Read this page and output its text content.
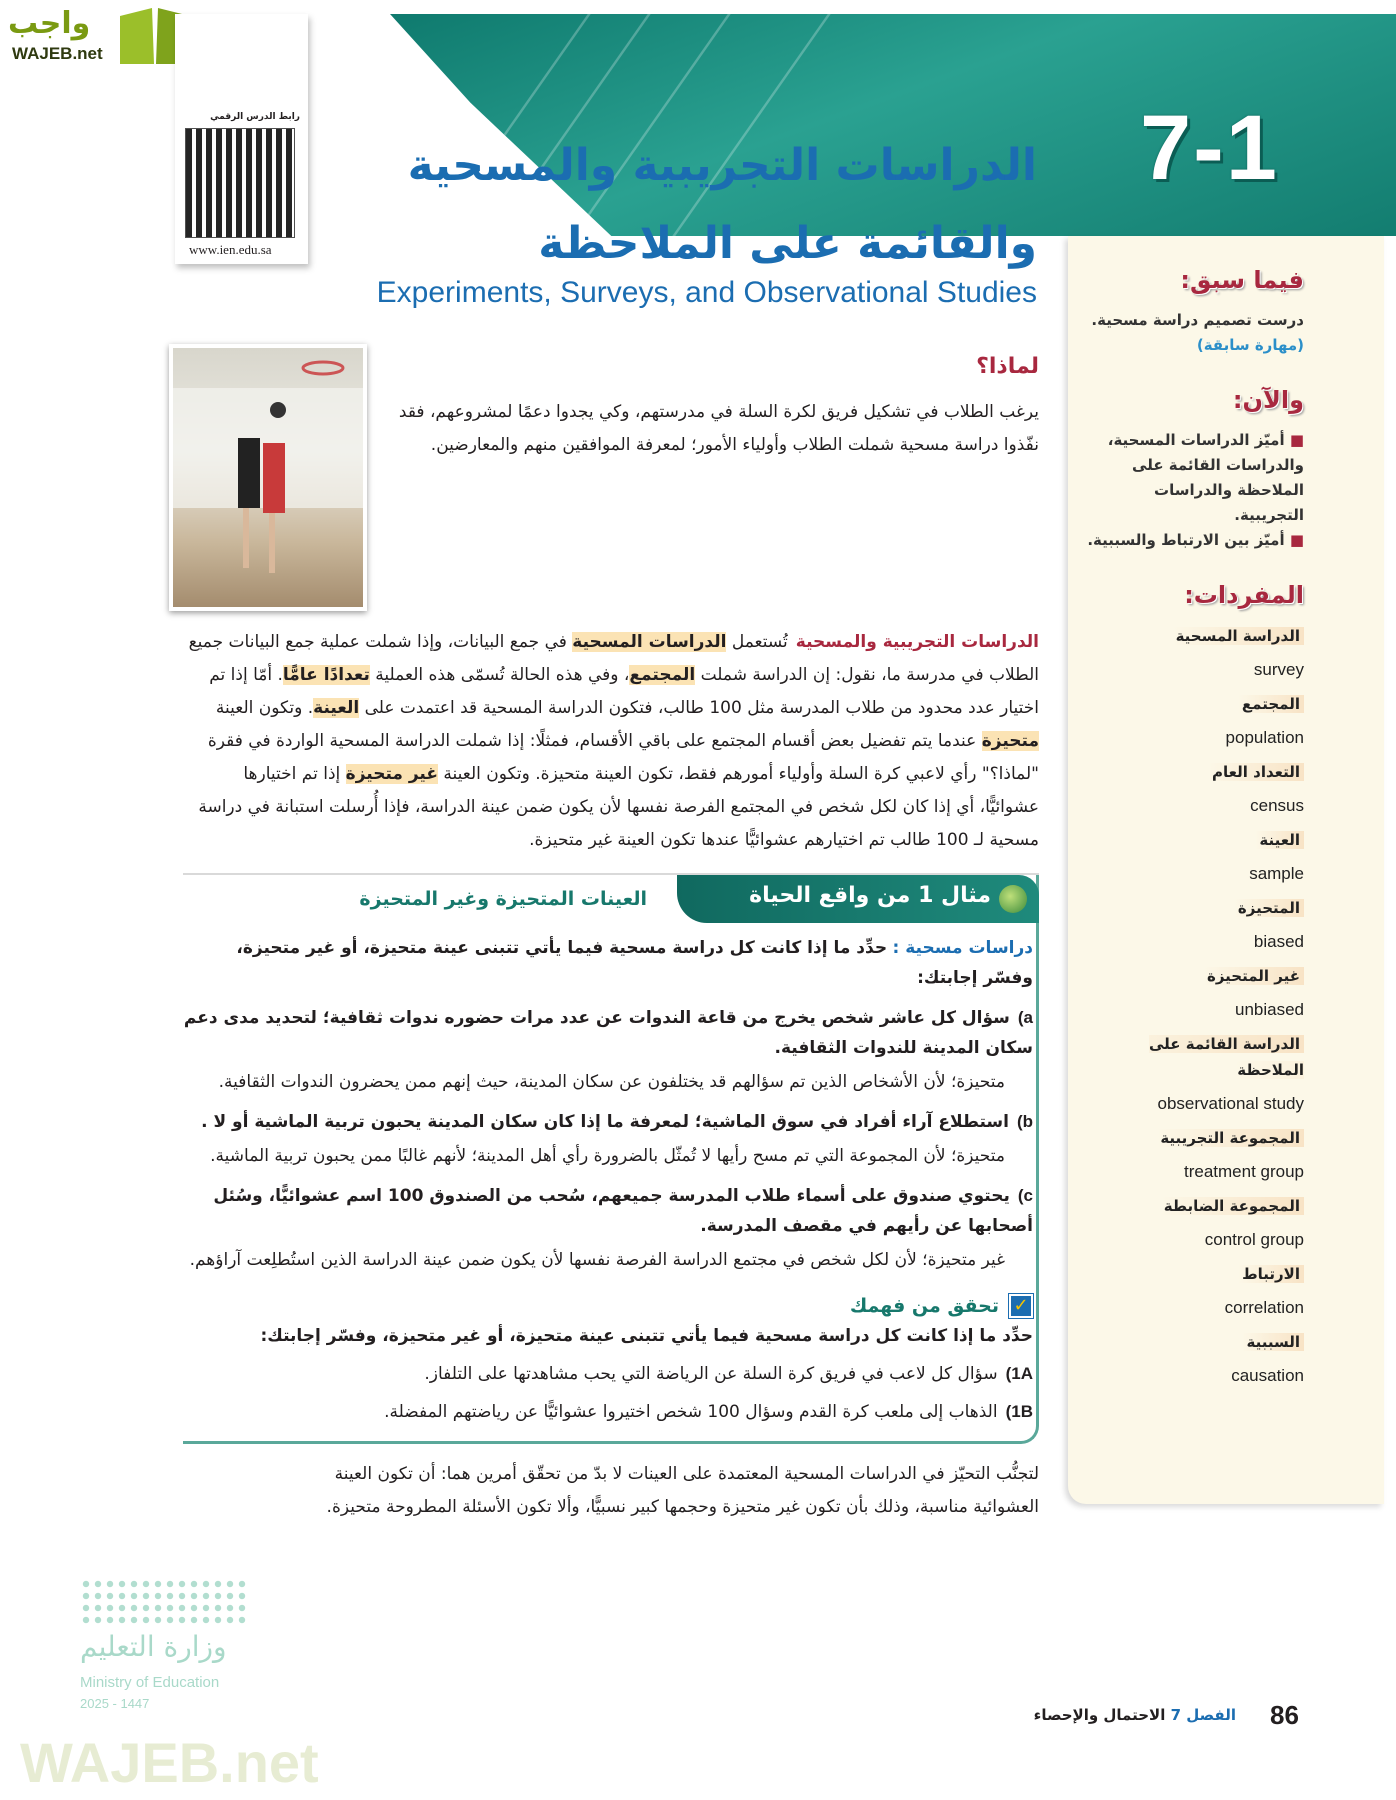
واجب
WAJEB.net
رابط الدرس الرقمي
www.ien.edu.sa
7-1
الدراسات التجريبية والمسحية
والقائمة على الملاحظة
Experiments, Surveys, and Observational Studies	فيما سبق:
درست تصميم دراسة مسحية. (مهارة سابقة)
والآن:
■ أميّز الدراسات المسحية، والدراسات القائمة على الملاحظة والدراسات التجريبية.
■ أميّز بين الارتباط والسببية.
المفردات:
الدراسة المسحية
survey
المجتمع
population
التعداد العام
census
العينة
sample
المتحيزة
biased
غير المتحيزة
unbiased
الدراسة القائمة على الملاحظة
observational study
المجموعة التجريبية
treatment group
المجموعة الضابطة
control group
الارتباط
correlation
السببية
causation
لماذا؟
يرغب الطلاب في تشكيل فريق لكرة السلة في مدرستهم، وكي يجدوا دعمًا لمشروعهم، فقد نفّذوا دراسة مسحية شملت الطلاب وأولياء الأمور؛ لمعرفة الموافقين منهم والمعارضين.
الدراسات التجريبية والمسحيةتُستعمل الدراسات المسحية في جمع البيانات، وإذا شملت عملية جمع البيانات جميع الطلاب في مدرسة ما، نقول: إن الدراسة شملت المجتمع، وفي هذه الحالة تُسمّى هذه العملية تعدادًا عامًّا. أمّا إذا تم اختيار عدد محدود من طلاب المدرسة مثل 100 طالب، فتكون الدراسة المسحية قد اعتمدت على العينة. وتكون العينة متحيزة عندما يتم تفضيل بعض أقسام المجتمع على باقي الأقسام، فمثلًا: إذا شملت الدراسة المسحية الواردة في فقرة "لماذا؟" رأي لاعبي كرة السلة وأولياء أمورهم فقط، تكون العينة متحيزة. وتكون العينة غير متحيزة إذا تم اختيارها عشوائيًّا، أي إذا كان لكل شخص في المجتمع الفرصة نفسها لأن يكون ضمن عينة الدراسة، فإذا أُرسلت استبانة في دراسة مسحية لـ 100 طالب تم اختيارهم عشوائيًّا عندها تكون العينة غير متحيزة.
مثال 1 من واقع الحياة
العينات المتحيزة وغير المتحيزة
دراسات مسحية : حدِّد ما إذا كانت كل دراسة مسحية فيما يأتي تتبنى عينة متحيزة، أو غير متحيزة، وفسّر إجابتك:
a)سؤال كل عاشر شخص يخرج من قاعة الندوات عن عدد مرات حضوره ندوات ثقافية؛ لتحديد مدى دعم سكان المدينة للندوات الثقافية.
متحيزة؛ لأن الأشخاص الذين تم سؤالهم قد يختلفون عن سكان المدينة، حيث إنهم ممن يحضرون الندوات الثقافية.
b)استطلاع آراء أفراد في سوق الماشية؛ لمعرفة ما إذا كان سكان المدينة يحبون تربية الماشية أو لا .
متحيزة؛ لأن المجموعة التي تم مسح رأيها لا تُمثّل بالضرورة رأي أهل المدينة؛ لأنهم غالبًا ممن يحبون تربية الماشية.
c)يحتوي صندوق على أسماء طلاب المدرسة جميعهم، سُحب من الصندوق 100 اسم عشوائيًّا، وسُئل أصحابها عن رأيهم في مقصف المدرسة.
غير متحيزة؛ لأن لكل شخص في مجتمع الدراسة الفرصة نفسها لأن يكون ضمن عينة الدراسة الذين استُطلِعت آراؤهم.
✓
تحقق من فهمك
حدِّد ما إذا كانت كل دراسة مسحية فيما يأتي تتبنى عينة متحيزة، أو غير متحيزة، وفسّر إجابتك:
1A)سؤال كل لاعب في فريق كرة السلة عن الرياضة التي يحب مشاهدتها على التلفاز.
1B)الذهاب إلى ملعب كرة القدم وسؤال 100 شخص اختيروا عشوائيًّا عن رياضتهم المفضلة.
لتجنُّب التحيّز في الدراسات المسحية المعتمدة على العينات لا بدّ من تحقّق أمرين هما: أن تكون العينة العشوائية مناسبة، وذلك بأن تكون غير متحيزة وحجمها كبير نسبيًّا، وألا تكون الأسئلة المطروحة متحيزة.
وزارة التعليم
Ministry of Education
2025 - 1447
WAJEB.net
86
الفصل 7 الاحتمال والإحصاء
